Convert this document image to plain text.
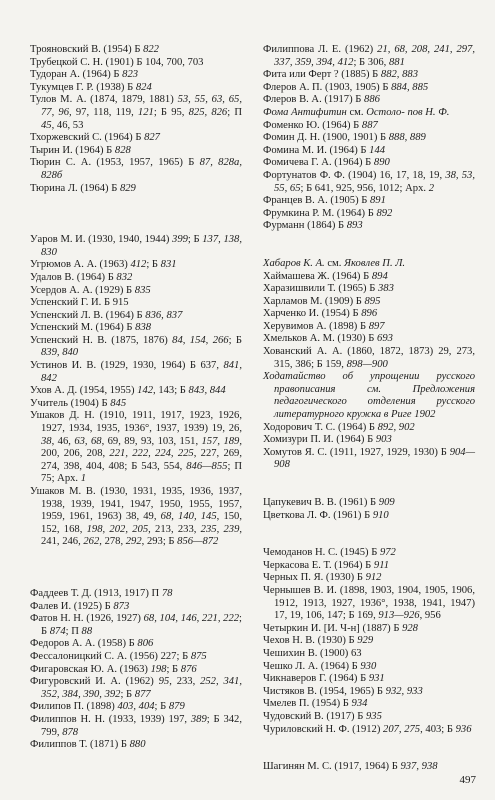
Трояновский В. (1954) Б 822

Трубецкой С. Н. (1901) Б 104, 700, 703

Тудоран А. (1964) Б 823

Тукумцев Г. Р. (1938) Б 824

Тулов М. А. (1874, 1879, 1881) 53, 55, 63, 65, 77, 96, 97, 118, 119, 121; Б 95, 825, 826; П 45, 46, 53

Тхоржевский С. (1964) Б 827

Тырин И. (1964) Б 828

Тюрин С. А. (1953, 1957, 1965) Б 87, 828а, 828б

Тюрина Л. (1964) Б 829

Уаров М. И. (1930, 1940, 1944) 399; Б 137, 138, 830

Угрюмов А. А. (1963) 412; Б 831

Удалов В. (1964) Б 832

Усердов А. А. (1929) Б 835

Успенский Г. И. Б 915

Успенский Л. В. (1964) Б 836, 837

Успенский М. (1964) Б 838

Успенский Н. В. (1875, 1876) 84, 154, 266; Б 839, 840

Устинов И. В. (1929, 1930, 1964) Б 637, 841, 842

Ухов А. Д. (1954, 1955) 142, 143; Б 843, 844

Учитель (1904) Б 845

Ушаков Д. Н. (1910, 1911, 1917, 1923, 1926, 1927, 1934, 1935, 1936°, 1937, 1939) 19, 26, 38, 46, 63, 68, 69, 89, 93, 103, 151, 157, 189, 200, 206, 208, 221, 222, 224, 225, 227, 269, 274, 398, 404, 408; Б 543, 554, 846—855; П 75; Арх. 1

Ушаков М. В. (1930, 1931, 1935, 1936, 1937, 1938, 1939, 1941, 1947, 1950, 1955, 1957, 1959, 1961, 1963) 38, 49, 68, 140, 145, 150, 152, 168, 198, 202, 205, 213, 233, 235, 239, 241, 246, 262, 278, 292, 293; Б 856—872

Фаддеев Т. Д. (1913, 1917) П 78

Фалев И. (1925) Б 873

Фатов Н. Н. (1926, 1927) 68, 104, 146, 221, 222; Б 874; П 88

Федоров А. А. (1958) Б 806

Фессалоницкий С. А. (1956) 227; Б 875

Фигаровская Ю. А. (1963) 198; Б 876

Фигуровский И. А. (1962) 95, 233, 252, 341, 352, 384, 390, 392; Б 877

Филипов П. (1898) 403, 404; Б 879

Филиппов Н. Н. (1933, 1939) 197, 389; Б 342, 799, 878

Филиппов Т. (1871) Б 880

Филиппова Л. Е. (1962) 21, 68, 208, 241, 297, 337, 359, 394, 412; Б 306, 881

Фита или Ферт ? (1885) Б 882, 883

Флеров А. П. (1903, 1905) Б 884, 885

Флеров В. А. (1917) Б 886

Фома Антифитин см. Остоло- пов Н. Ф.

Фоменко Ю. (1964) Б 887

Фомин Д. Н. (1900, 1901) Б 888, 889

Фомина М. И. (1964) Б 144

Фомичева Г. А. (1964) Б 890

Фортунатов Ф. Ф. (1904) 16, 17, 18, 19, 38, 53, 55, 65; Б 641, 925, 956, 1012; Арх. 2

Францев В. А. (1905) Б 891

Фрумкина Р. М. (1964) Б 892

Фурманн (1864) Б 893

Хабаров К. А. см. Яковлев П. Л.

Хаймашева Ж. (1964) Б 894

Харазишвили Т. (1965) Б 383

Харламов М. (1909) Б 895

Харченко И. (1954) Б 896

Херувимов А. (1898) Б 897

Хмельков А. М. (1930) Б 693

Хованский А. А. (1860, 1872, 1873) 29, 273, 315, 386; Б 159, 898—900

Ходатайство об упрощении русского правописания см. Предложения педагогического отделения русского литературного кружка в Риге 1902

Ходорович Т. С. (1964) Б 892, 902

Хомизури П. И. (1964) Б 903

Хомутов Я. С. (1911, 1927, 1929, 1930) Б 904—908

Цапукевич В. В. (1961) Б 909

Цветкова Л. Ф. (1961) Б 910

Чемоданов Н. С. (1945) Б 972

Черкасова Е. Т. (1964) Б 911

Черных П. Я. (1930) Б 912

Чернышев В. И. (1898, 1903, 1904, 1905, 1906, 1912, 1913, 1927, 1936°, 1938, 1941, 1947) 17, 19, 106, 147; Б 169, 913—926, 956

Четыркин И. [И. Ч-н] (1887) Б 928

Чехов Н. В. (1930) Б 929

Чешихин В. (1900) 63

Чешко Л. А. (1964) Б 930

Чикнаверов Г. (1964) Б 931

Чистяков В. (1954, 1965) Б 932, 933

Чмелев П. (1954) Б 934

Чудовский В. (1917) Б 935

Чуриловский Н. Ф. (1912) 207, 275, 403; Б 936

Шагинян М. С. (1917, 1964) Б 937, 938

497
